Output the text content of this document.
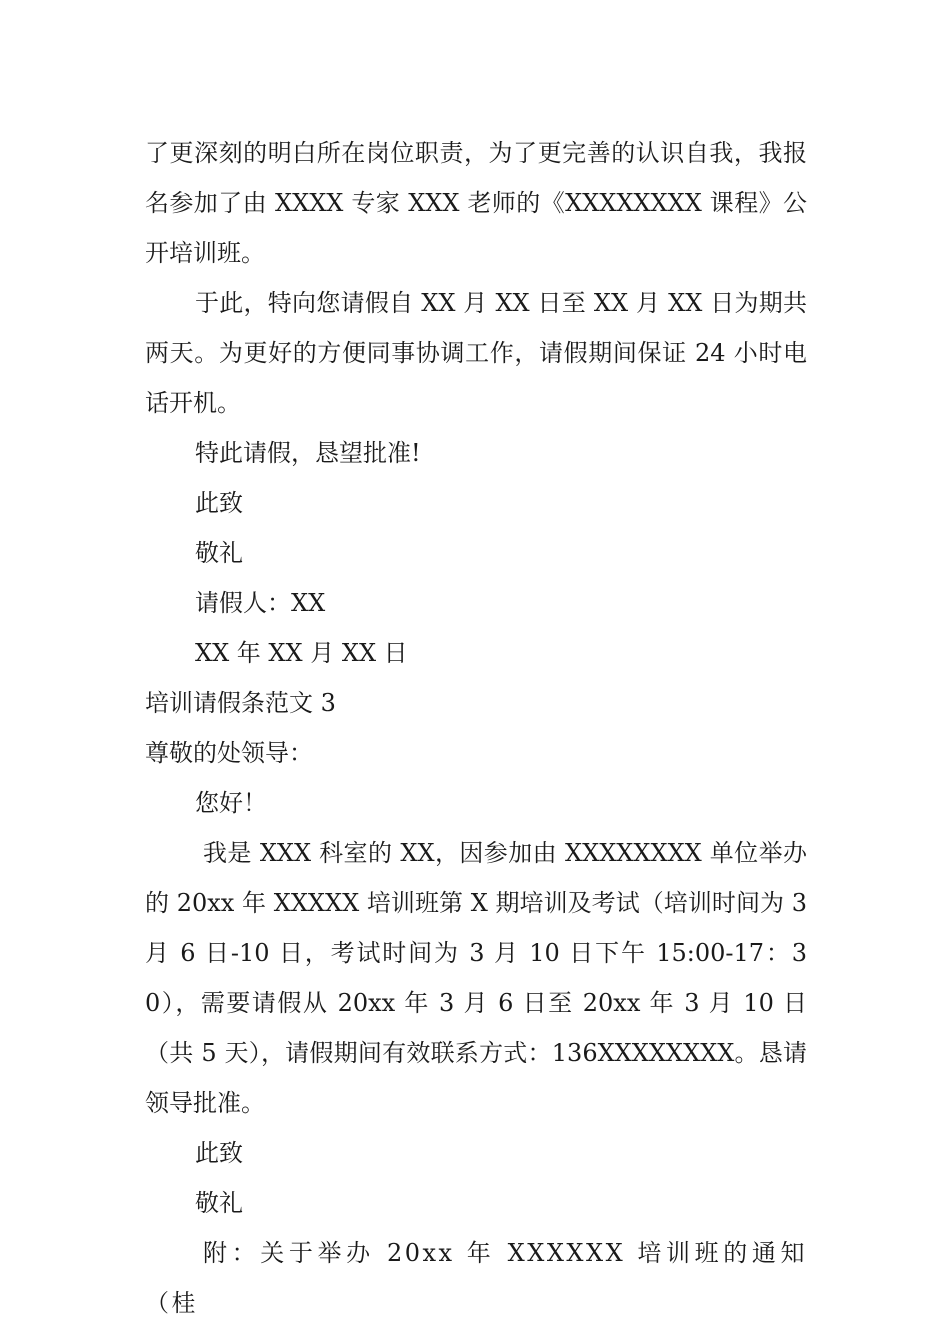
了更深刻的明白所在岗位职责，为了更完善的认识自我，我报名参加了由 XXXX 专家 XXX 老师的《XXXXXXXX 课程》公开培训班。

于此，特向您请假自 XX 月 XX 日至 XX 月 XX 日为期共两天。为更好的方便同事协调工作，请假期间保证 24 小时电话开机。

特此请假，恳望批准!

此致

敬礼

请假人：XX

XX 年 XX 月 XX 日

培训请假条范文 3

尊敬的处领导：

您好！

我是 XXX 科室的 XX，因参加由 XXXXXXXX 单位举办的 20xx 年 XXXXX 培训班第 X 期培训及考试（培训时间为 3 月 6 日-10 日，考试时间为 3 月 10 日下午 15:00-17：30），需要请假从 20xx 年 3 月 6 日至 20xx 年 3 月 10 日（共 5 天），请假期间有效联系方式：136XXXXXXXX。恳请领导批准。

此致

敬礼

附：关于举办 20xx 年 XXXXXX 培训班的通知（桂
